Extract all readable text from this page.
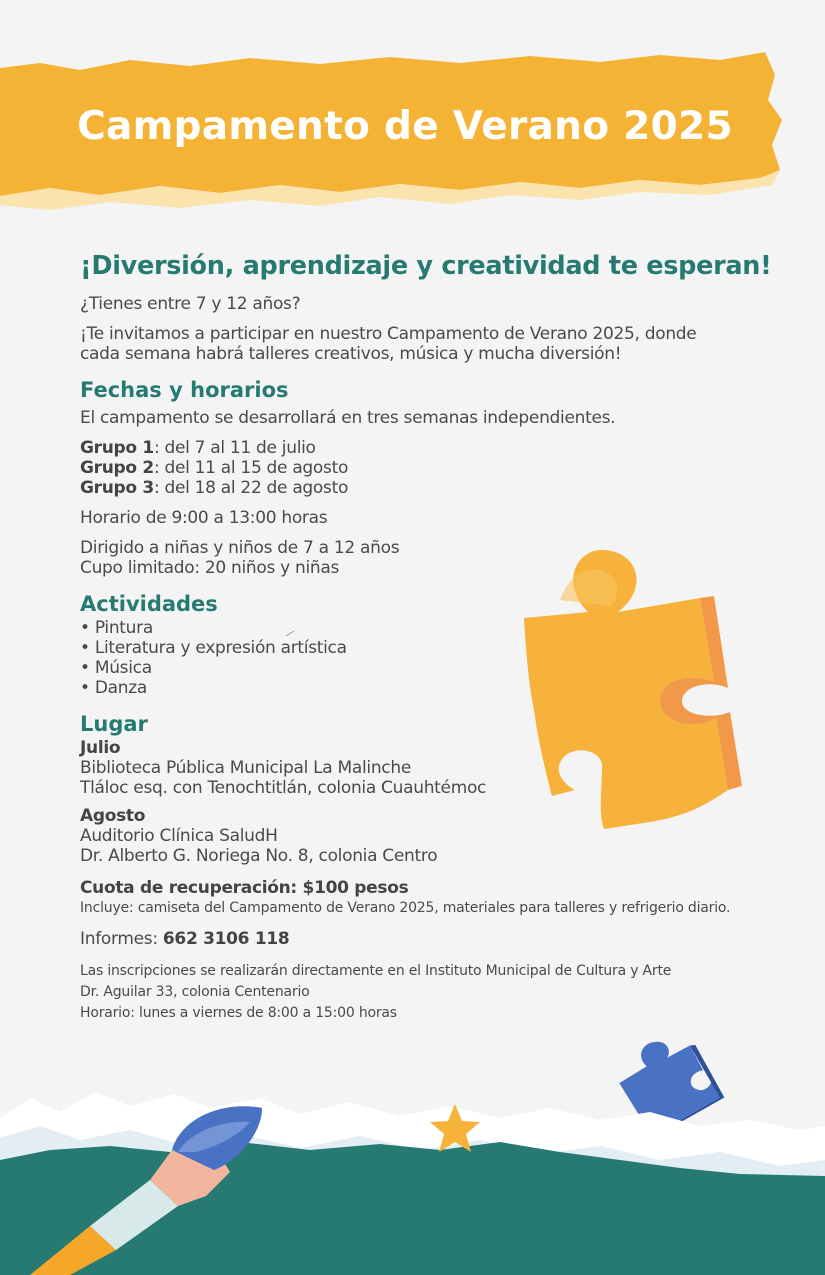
Campamento de Verano 2025
¡Diversión, aprendizaje y creatividad te esperan!
¿Tienes entre 7 y 12 años?
¡Te invitamos a participar en nuestro Campamento de Verano 2025, donde
cada semana habrá talleres creativos, música y mucha diversión!
Fechas y horarios
El campamento se desarrollará en tres semanas independientes.
Grupo 1: del 7 al 11 de julio
Grupo 2: del 11 al 15 de agosto
Grupo 3: del 18 al 22 de agosto
Horario de 9:00 a 13:00 horas
Dirigido a niñas y niños de 7 a 12 años
Cupo limitado: 20 niños y niñas
Actividades
• Pintura
• Literatura y expresión artística
• Música
• Danza
Lugar
Julio
Biblioteca Pública Municipal La Malinche
Tláloc esq. con Tenochtitlán, colonia Cuauhtémoc
Agosto
Auditorio Clínica SaludH
Dr. Alberto G. Noriega No. 8, colonia Centro
Cuota de recuperación: $100 pesos
Incluye: camiseta del Campamento de Verano 2025, materiales para talleres y refrigerio diario.
Informes: 662 3106 118
Las inscripciones se realizarán directamente en el Instituto Municipal de Cultura y Arte
Dr. Aguilar 33, colonia Centenario
Horario: lunes a viernes de 8:00 a 15:00 horas
